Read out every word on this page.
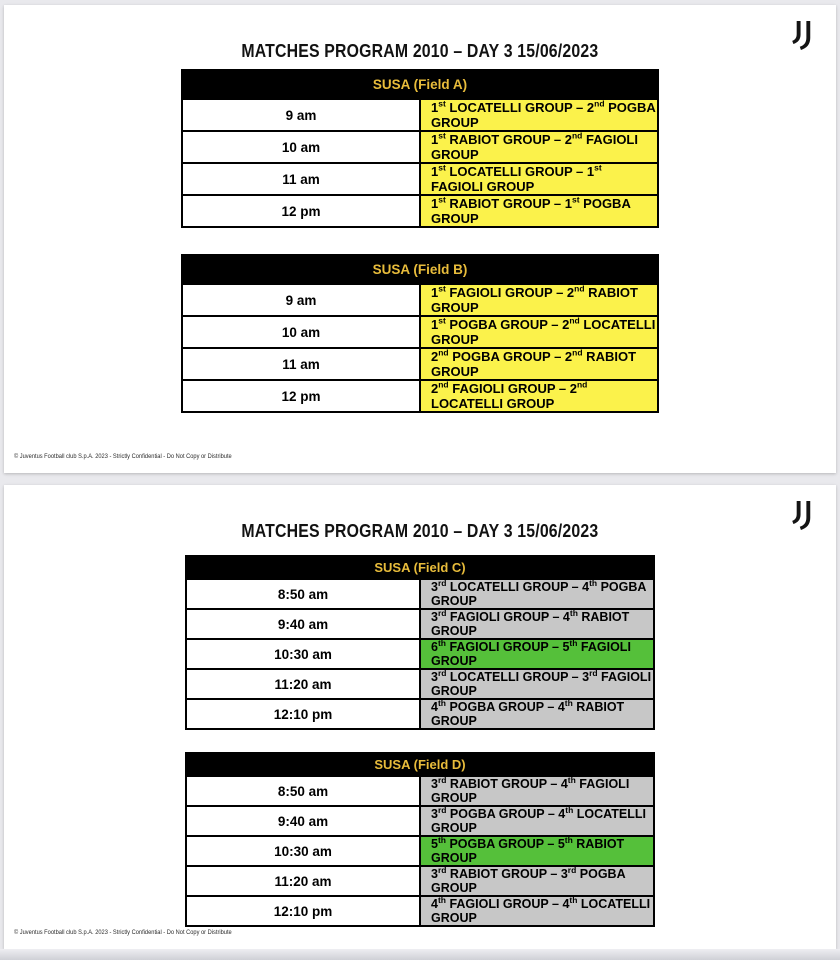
MATCHES PROGRAM 2010 – DAY 3 15/06/2023
SUSA (Field A)	
9 am	1st LOCATELLI GROUP – 2nd POGBA GROUP
10 am	1st RABIOT GROUP – 2nd FAGIOLI GROUP
11 am	1st LOCATELLI GROUP – 1st FAGIOLI GROUP
12 pm	1st RABIOT GROUP – 1st POGBA GROUP
SUSA (Field B)	
9 am	1st FAGIOLI GROUP – 2nd RABIOT GROUP
10 am	1st POGBA GROUP – 2nd LOCATELLI GROUP
11 am	2nd POGBA GROUP – 2nd RABIOT GROUP
12 pm	2nd FAGIOLI GROUP – 2nd LOCATELLI GROUP
© Juventus Football club S.p.A. 2023 - Strictly Confidential - Do Not Copy or Distribute
MATCHES PROGRAM 2010 – DAY 3 15/06/2023
SUSA (Field C)	
8:50 am	3rd LOCATELLI GROUP – 4th POGBA GROUP
9:40 am	3rd FAGIOLI GROUP – 4th RABIOT GROUP
10:30 am	6th FAGIOLI GROUP – 5th FAGIOLI GROUP
11:20 am	3rd LOCATELLI GROUP – 3rd FAGIOLI GROUP
12:10 pm	4th POGBA GROUP – 4th RABIOT GROUP
SUSA (Field D)	
8:50 am	3rd RABIOT GROUP – 4th FAGIOLI GROUP
9:40 am	3rd POGBA GROUP – 4th LOCATELLI GROUP
10:30 am	5th POGBA GROUP – 5th RABIOT GROUP
11:20 am	3rd RABIOT GROUP – 3rd POGBA GROUP
12:10 pm	4th FAGIOLI GROUP – 4th LOCATELLI GROUP
© Juventus Football club S.p.A. 2023 - Strictly Confidential - Do Not Copy or Distribute
